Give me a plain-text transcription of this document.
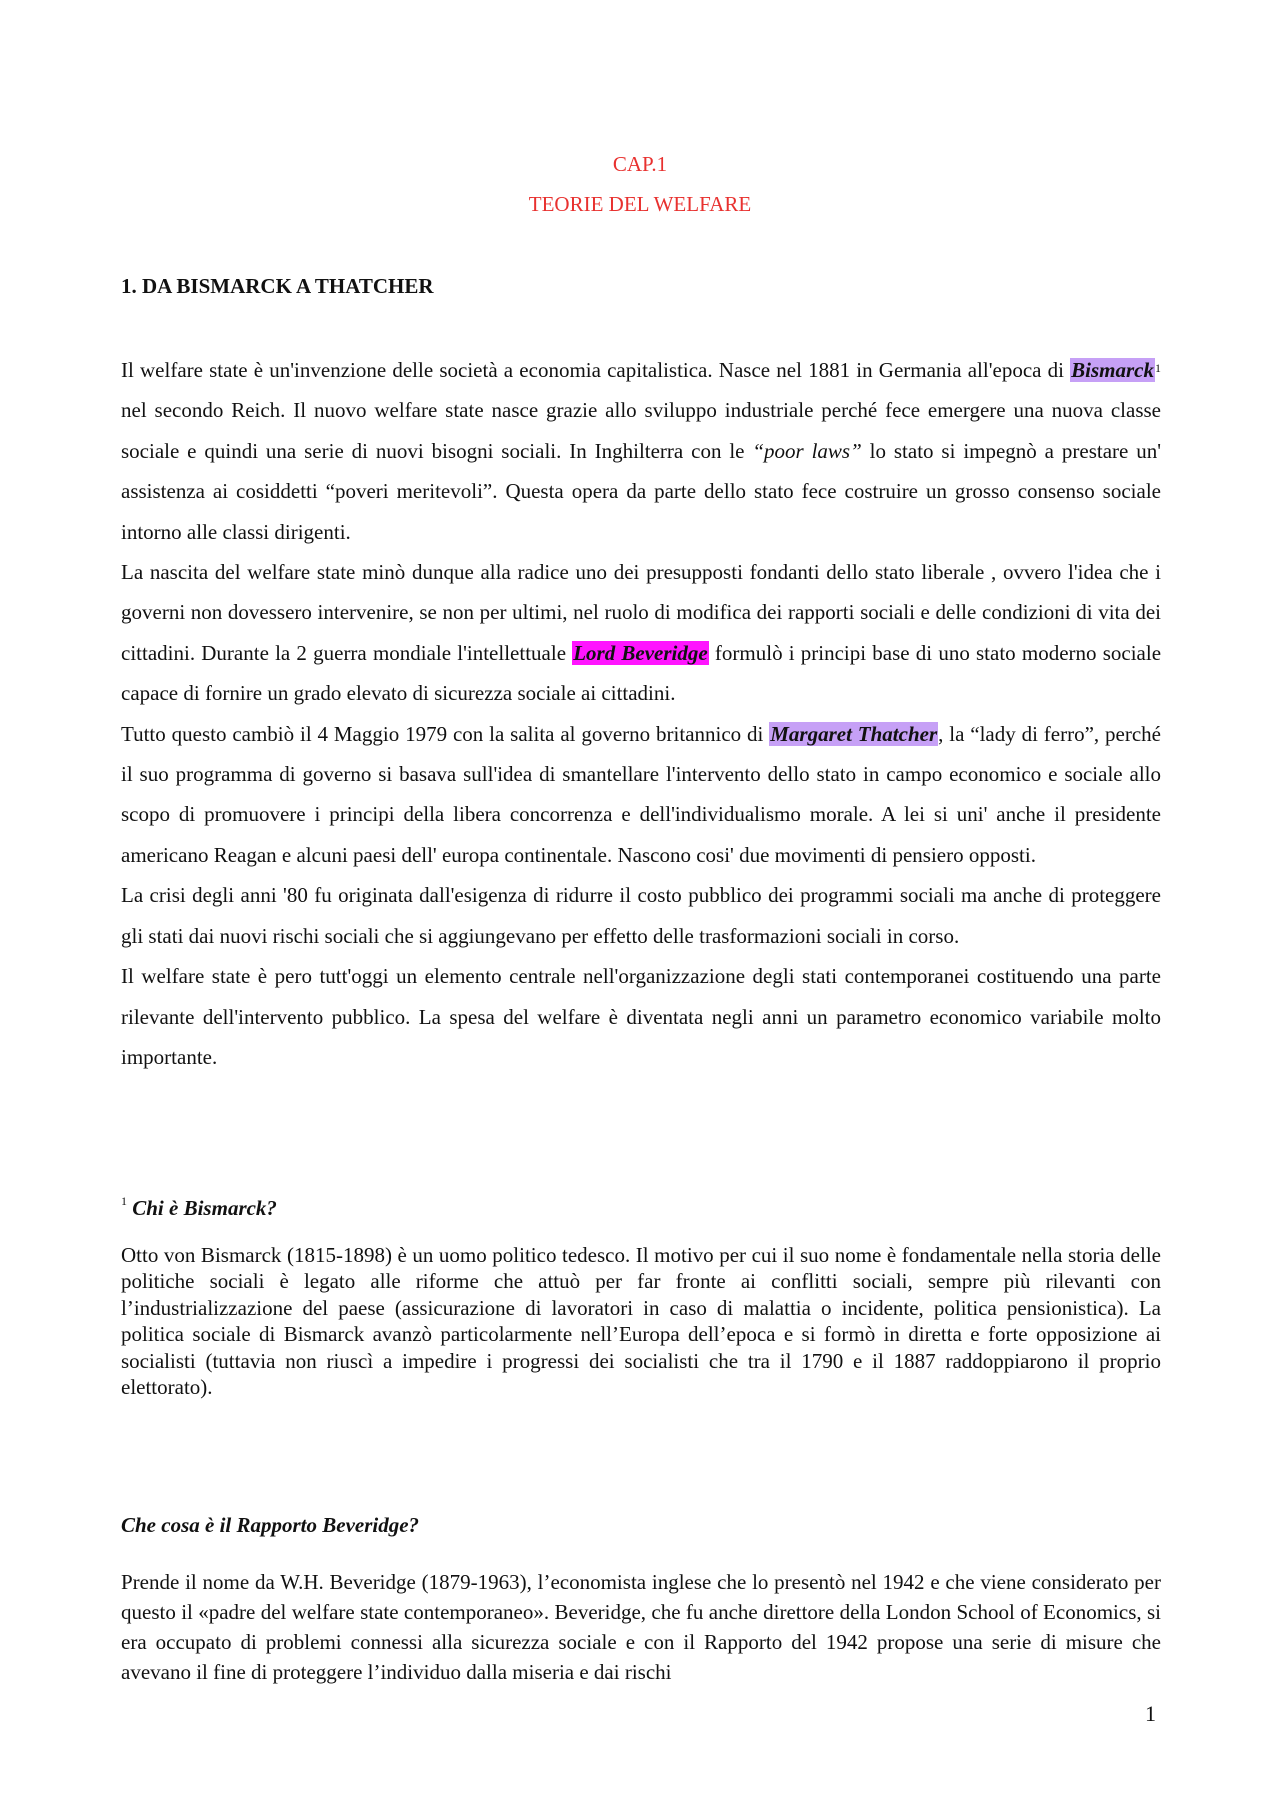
CAP.1
TEORIE DEL WELFARE
1. DA BISMARCK A THATCHER

Il welfare state è un'invenzione delle società a economia capitalistica. Nasce nel 1881 in Germania all'epoca di Bismarck$^1$ nel secondo Reich. Il nuovo welfare state nasce grazie allo sviluppo industriale perché fece emergere una nuova classe sociale e quindi una serie di nuovi bisogni sociali. In Inghilterra con le “poor laws” lo stato si impegnò a prestare un' assistenza ai cosiddetti “poveri meritevoli”. Questa opera da parte dello stato fece costruire un grosso consenso sociale intorno alle classi dirigenti.

La nascita del welfare state minò dunque alla radice uno dei presupposti fondanti dello stato liberale , ovvero l'idea che i governi non dovessero intervenire, se non per ultimi, nel ruolo di modifica dei rapporti sociali e delle condizioni di vita dei cittadini. Durante la 2 guerra mondiale l'intellettuale Lord Beveridge formulò i principi base di uno stato moderno sociale capace di fornire un grado elevato di sicurezza sociale ai cittadini.

Tutto questo cambiò il 4 Maggio 1979 con la salita al governo britannico di Margaret Thatcher, la “lady di ferro”, perché il suo programma di governo si basava sull'idea di smantellare l'intervento dello stato in campo economico e sociale allo scopo di promuovere i principi della libera concorrenza e dell'individualismo morale. A lei si uni' anche il presidente americano Reagan e alcuni paesi dell' europa continentale. Nascono cosi' due movimenti di pensiero opposti.

La crisi degli anni '80 fu originata dall'esigenza di ridurre il costo pubblico dei programmi sociali ma anche di proteggere gli stati dai nuovi rischi sociali che si aggiungevano per effetto delle trasformazioni sociali in corso.

Il welfare state è pero tutt'oggi un elemento centrale nell'organizzazione degli stati contemporanei costituendo una parte rilevante dell'intervento pubblico. La spesa del welfare è diventata negli anni un parametro economico variabile molto importante.

$^1$ Chi è Bismarck?

Otto von Bismarck (1815-1898) è un uomo politico tedesco. Il motivo per cui il suo nome è fondamentale nella storia delle politiche sociali è legato alle riforme che attuò per far fronte ai conflitti sociali, sempre più rilevanti con l’industrializzazione del paese (assicurazione di lavoratori in caso di malattia o incidente, politica pensionistica). La politica sociale di Bismarck avanzò particolarmente nell’Europa dell’epoca e si formò in diretta e forte opposizione ai socialisti (tuttavia non riuscì a impedire i progressi dei socialisti che tra il 1790 e il 1887 raddoppiarono il proprio elettorato).

Che cosa è il Rapporto Beveridge?

Prende il nome da W.H. Beveridge (1879-1963), l’economista inglese che lo presentò nel 1942 e che viene considerato per questo il «padre del welfare state contemporaneo». Beveridge, che fu anche direttore della London School of Economics, si era occupato di problemi connessi alla sicurezza sociale e con il Rapporto del 1942 propose una serie di misure che avevano il fine di proteggere l’individuo dalla miseria e dai rischi

1
